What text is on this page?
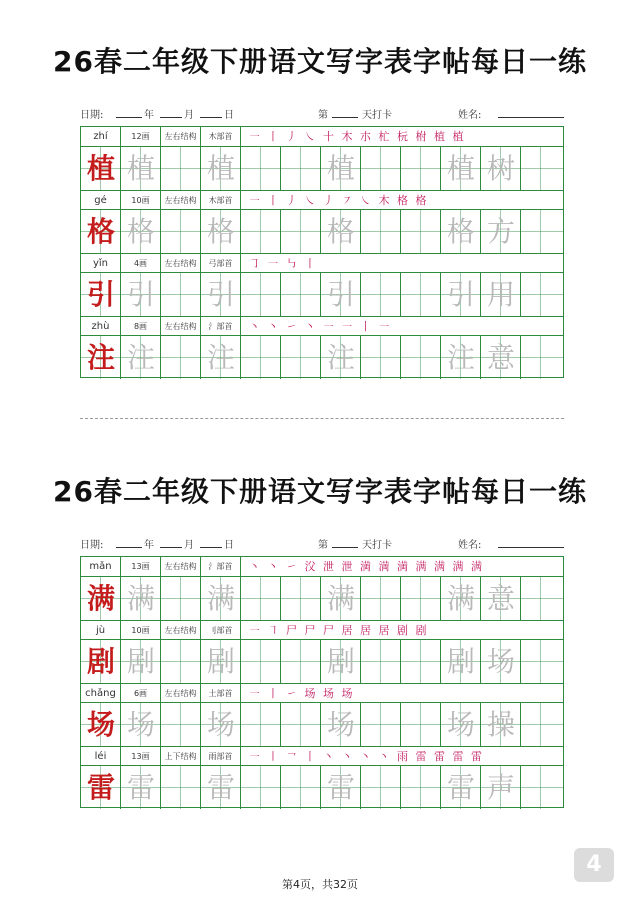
26春二年级下册语文写字表字帖每日一练
日期:	年	月	日	第	天打卡	姓名:
zhí	12画	左右结构	木部首	㇐ 丨 丿 ㇏ 十 木 朩 杧 杬 柎 植 植
植 植 植	植	植 树
gé	10画	左右结构	木部首	㇐ 丨 丿 ㇏ 丿 ㇇ ㇏ 木 格 格
格 格 格	格	格 方
yǐn	4画	左右结构	弓部首	㇆ ㇐ ㇉ 丨
引 引 引	引	引 用
zhù	8画	左右结构	氵部首	丶 丶 ㇀ 丶 ㇐ ㇐ 丨 ㇐
注 注 注	注	注 意
26春二年级下册语文写字表字帖每日一练
日期:	年	月	日	第	天打卡	姓名:
mǎn	13画	左右结构	氵部首	丶 丶 ㇀ 㳇 泄 泄 満 満 満 满 满 满 满
满 满 满	满	满 意
jù	10画	左右结构	刂部首	㇐ ㇕ 尸 尸 尸 居 居 居 剧 剧
剧 剧 剧	剧	剧 场
chǎng	6画	左右结构	土部首	㇐ 丨 ㇀ 场 场 场
场 场 场	场	场 操
léi	13画	上下结构	雨部首	㇐ ㇑ ㇖ 丨 丶 丶 丶 丶 雨 雷 雷 雷 雷
雷 雷 雷	雷	雷 声
第4页，共32页
4
